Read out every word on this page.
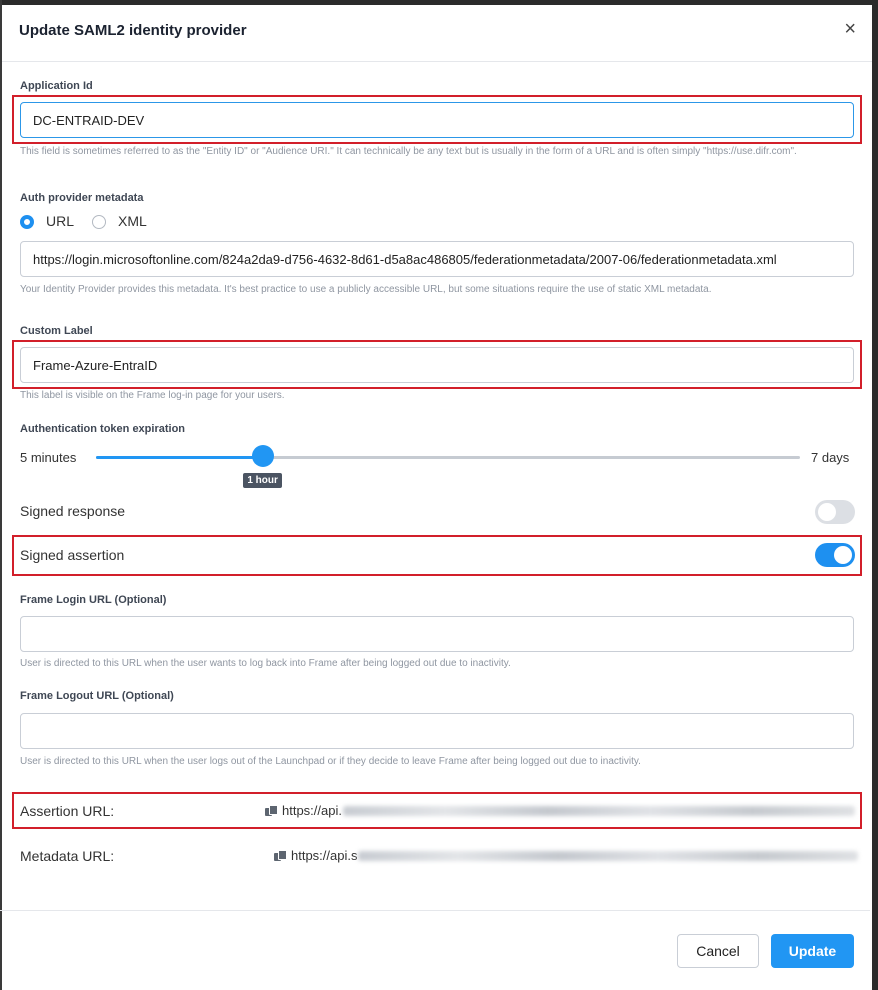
Update SAML2 identity provider	×
Application Id
DC-ENTRAID-DEV
This field is sometimes referred to as the "Entity ID" or "Audience URI." It can technically be any text but is usually in the form of a URL and is often simply "https://use.difr.com".
Auth provider metadata
URL	XML
https://login.microsoftonline.com/824a2da9-d756-4632-8d61-d5a8ac486805/federationmetadata/2007-06/federationmetadata.xml
Your Identity Provider provides this metadata. It's best practice to use a publicly accessible URL, but some situations require the use of static XML metadata.
Custom Label
Frame-Azure-EntraID
This label is visible on the Frame log-in page for your users.
Authentication token expiration
5 minutes
1 hour
7 days
Signed response
Signed assertion
Frame Login URL (Optional)
User is directed to this URL when the user wants to log back into Frame after being logged out due to inactivity.
Frame Logout URL (Optional)
User is directed to this URL when the user logs out of the Launchpad or if they decide to leave Frame after being logged out due to inactivity.
Assertion URL:	https://api.
Metadata URL:	https://api.s
Cancel	Update
